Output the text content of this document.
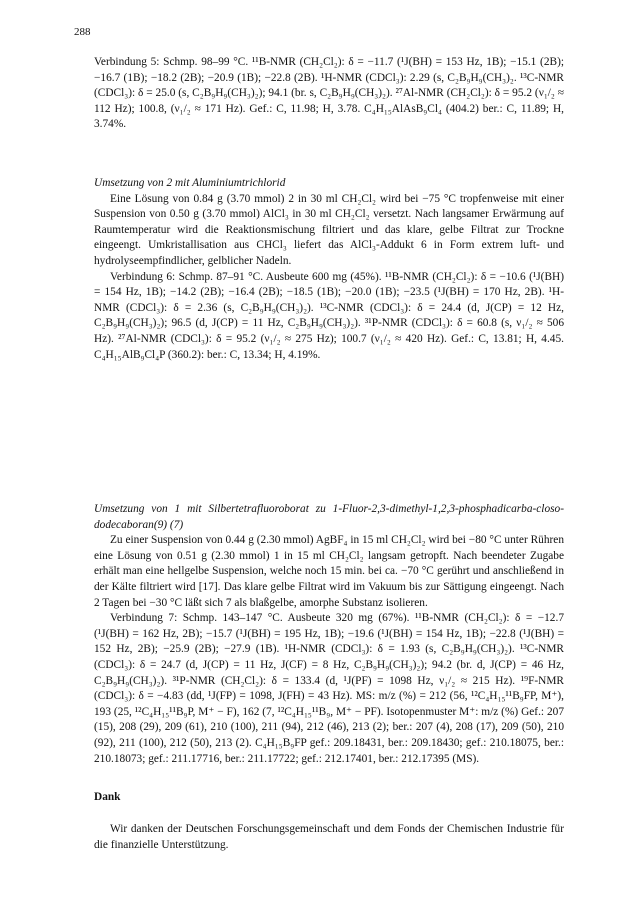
288

Verbindung 5: Schmp. 98–99 °C. ¹¹B-NMR (CH₂Cl₂): δ = −11.7 (¹J(BH) = 153 Hz, 1B); −15.1 (2B); −16.7 (1B); −18.2 (2B); −20.9 (1B); −22.8 (2B). ¹H-NMR (CDCl₃): 2.29 (s, C₂B₉H₉(CH₃)₂. ¹³C-NMR (CDCl₃): δ = 25.0 (s, C₂B₉H₉(CH₃)₂); 94.1 (br. s, C₂B₉H₉(CH₃)₂). ²⁷Al-NMR (CH₂Cl₂): δ = 95.2 (ν₁/₂ ≈ 112 Hz); 100.8, (ν₁/₂ ≈ 171 Hz). Gef.: C, 11.98; H, 3.78. C₄H₁₅AlAsB₉Cl₄ (404.2) ber.: C, 11.89; H, 3.74%.

Umsetzung von 2 mit Aluminiumtrichlorid

Eine Lösung von 0.84 g (3.70 mmol) 2 in 30 ml CH₂Cl₂ wird bei −75 °C tropfenweise mit einer Suspension von 0.50 g (3.70 mmol) AlCl₃ in 30 ml CH₂Cl₂ versetzt. Nach langsamer Erwärmung auf Raumtemperatur wird die Reaktionsmischung filtriert und das klare, gelbe Filtrat zur Trockne eingeengt. Umkristallisation aus CHCl₃ liefert das AlCl₃-Addukt 6 in Form extrem luft- und hydrolyseempfindlicher, gelblicher Nadeln.

Verbindung 6: Schmp. 87–91 °C. Ausbeute 600 mg (45%). ¹¹B-NMR (CH₂Cl₂): δ = −10.6 (¹J(BH) = 154 Hz, 1B); −14.2 (2B); −16.4 (2B); −18.5 (1B); −20.0 (1B); −23.5 (¹J(BH) = 170 Hz, 2B). ¹H-NMR (CDCl₃): δ = 2.36 (s, C₂B₉H₉(CH₃)₂). ¹³C-NMR (CDCl₃): δ = 24.4 (d, J(CP) = 12 Hz, C₂B₉H₉(CH₃)₂); 96.5 (d, J(CP) = 11 Hz, C₂B₉H₉(CH₃)₂). ³¹P-NMR (CDCl₃): δ = 60.8 (s, ν₁/₂ ≈ 506 Hz). ²⁷Al-NMR (CDCl₃): δ = 95.2 (ν₁/₂ ≈ 275 Hz); 100.7 (ν₁/₂ ≈ 420 Hz). Gef.: C, 13.81; H, 4.45. C₄H₁₅AlB₉Cl₄P (360.2): ber.: C, 13.34; H, 4.19%.

Umsetzung von 1 mit Silbertetrafluoroborat zu 1-Fluor-2,3-dimethyl-1,2,3-phosphadicarba-closo-dodecaboran(9) (7)

Zu einer Suspension von 0.44 g (2.30 mmol) AgBF₄ in 15 ml CH₂Cl₂ wird bei −80 °C unter Rühren eine Lösung von 0.51 g (2.30 mmol) 1 in 15 ml CH₂Cl₂ langsam getropft. Nach beendeter Zugabe erhält man eine hellgelbe Suspension, welche noch 15 min. bei ca. −70 °C gerührt und anschließend in der Kälte filtriert wird [17]. Das klare gelbe Filtrat wird im Vakuum bis zur Sättigung eingeengt. Nach 2 Tagen bei −30 °C läßt sich 7 als blaßgelbe, amorphe Substanz isolieren.

Verbindung 7: Schmp. 143–147 °C. Ausbeute 320 mg (67%). ¹¹B-NMR (CH₂Cl₂): δ = −12.7 (¹J(BH) = 162 Hz, 2B); −15.7 (¹J(BH) = 195 Hz, 1B); −19.6 (¹J(BH) = 154 Hz, 1B); −22.8 (¹J(BH) = 152 Hz, 2B); −25.9 (2B); −27.9 (1B). ¹H-NMR (CDCl₃): δ = 1.93 (s, C₂B₉H₉(CH₃)₂). ¹³C-NMR (CDCl₃): δ = 24.7 (d, J(CP) = 11 Hz, J(CF) = 8 Hz, C₂B₉H₉(CH₃)₂); 94.2 (br. d, J(CP) = 46 Hz, C₂B₉H₉(CH₃)₂). ³¹P-NMR (CH₂Cl₂): δ = 133.4 (d, ¹J(PF) = 1098 Hz, ν₁/₂ ≈ 215 Hz). ¹⁹F-NMR (CDCl₃): δ = −4.83 (dd, ¹J(FP) = 1098, J(FH) = 43 Hz). MS: m/z (%) = 212 (56, ¹²C₄H₁₅¹¹B₉FP, M⁺), 193 (25, ¹²C₄H₁₅¹¹B₉P, M⁺ − F), 162 (7, ¹²C₄H₁₅¹¹B₉, M⁺ − PF). Isotopenmuster M⁺: m/z (%) Gef.: 207 (15), 208 (29), 209 (61), 210 (100), 211 (94), 212 (46), 213 (2); ber.: 207 (4), 208 (17), 209 (50), 210 (92), 211 (100), 212 (50), 213 (2). C₄H₁₅B₉FP gef.: 209.18431, ber.: 209.18430; gef.: 210.18075, ber.: 210.18073; gef.: 211.17716, ber.: 211.17722; gef.: 212.17401, ber.: 212.17395 (MS).

Dank

Wir danken der Deutschen Forschungsgemeinschaft und dem Fonds der Chemischen Industrie für die finanzielle Unterstützung.
